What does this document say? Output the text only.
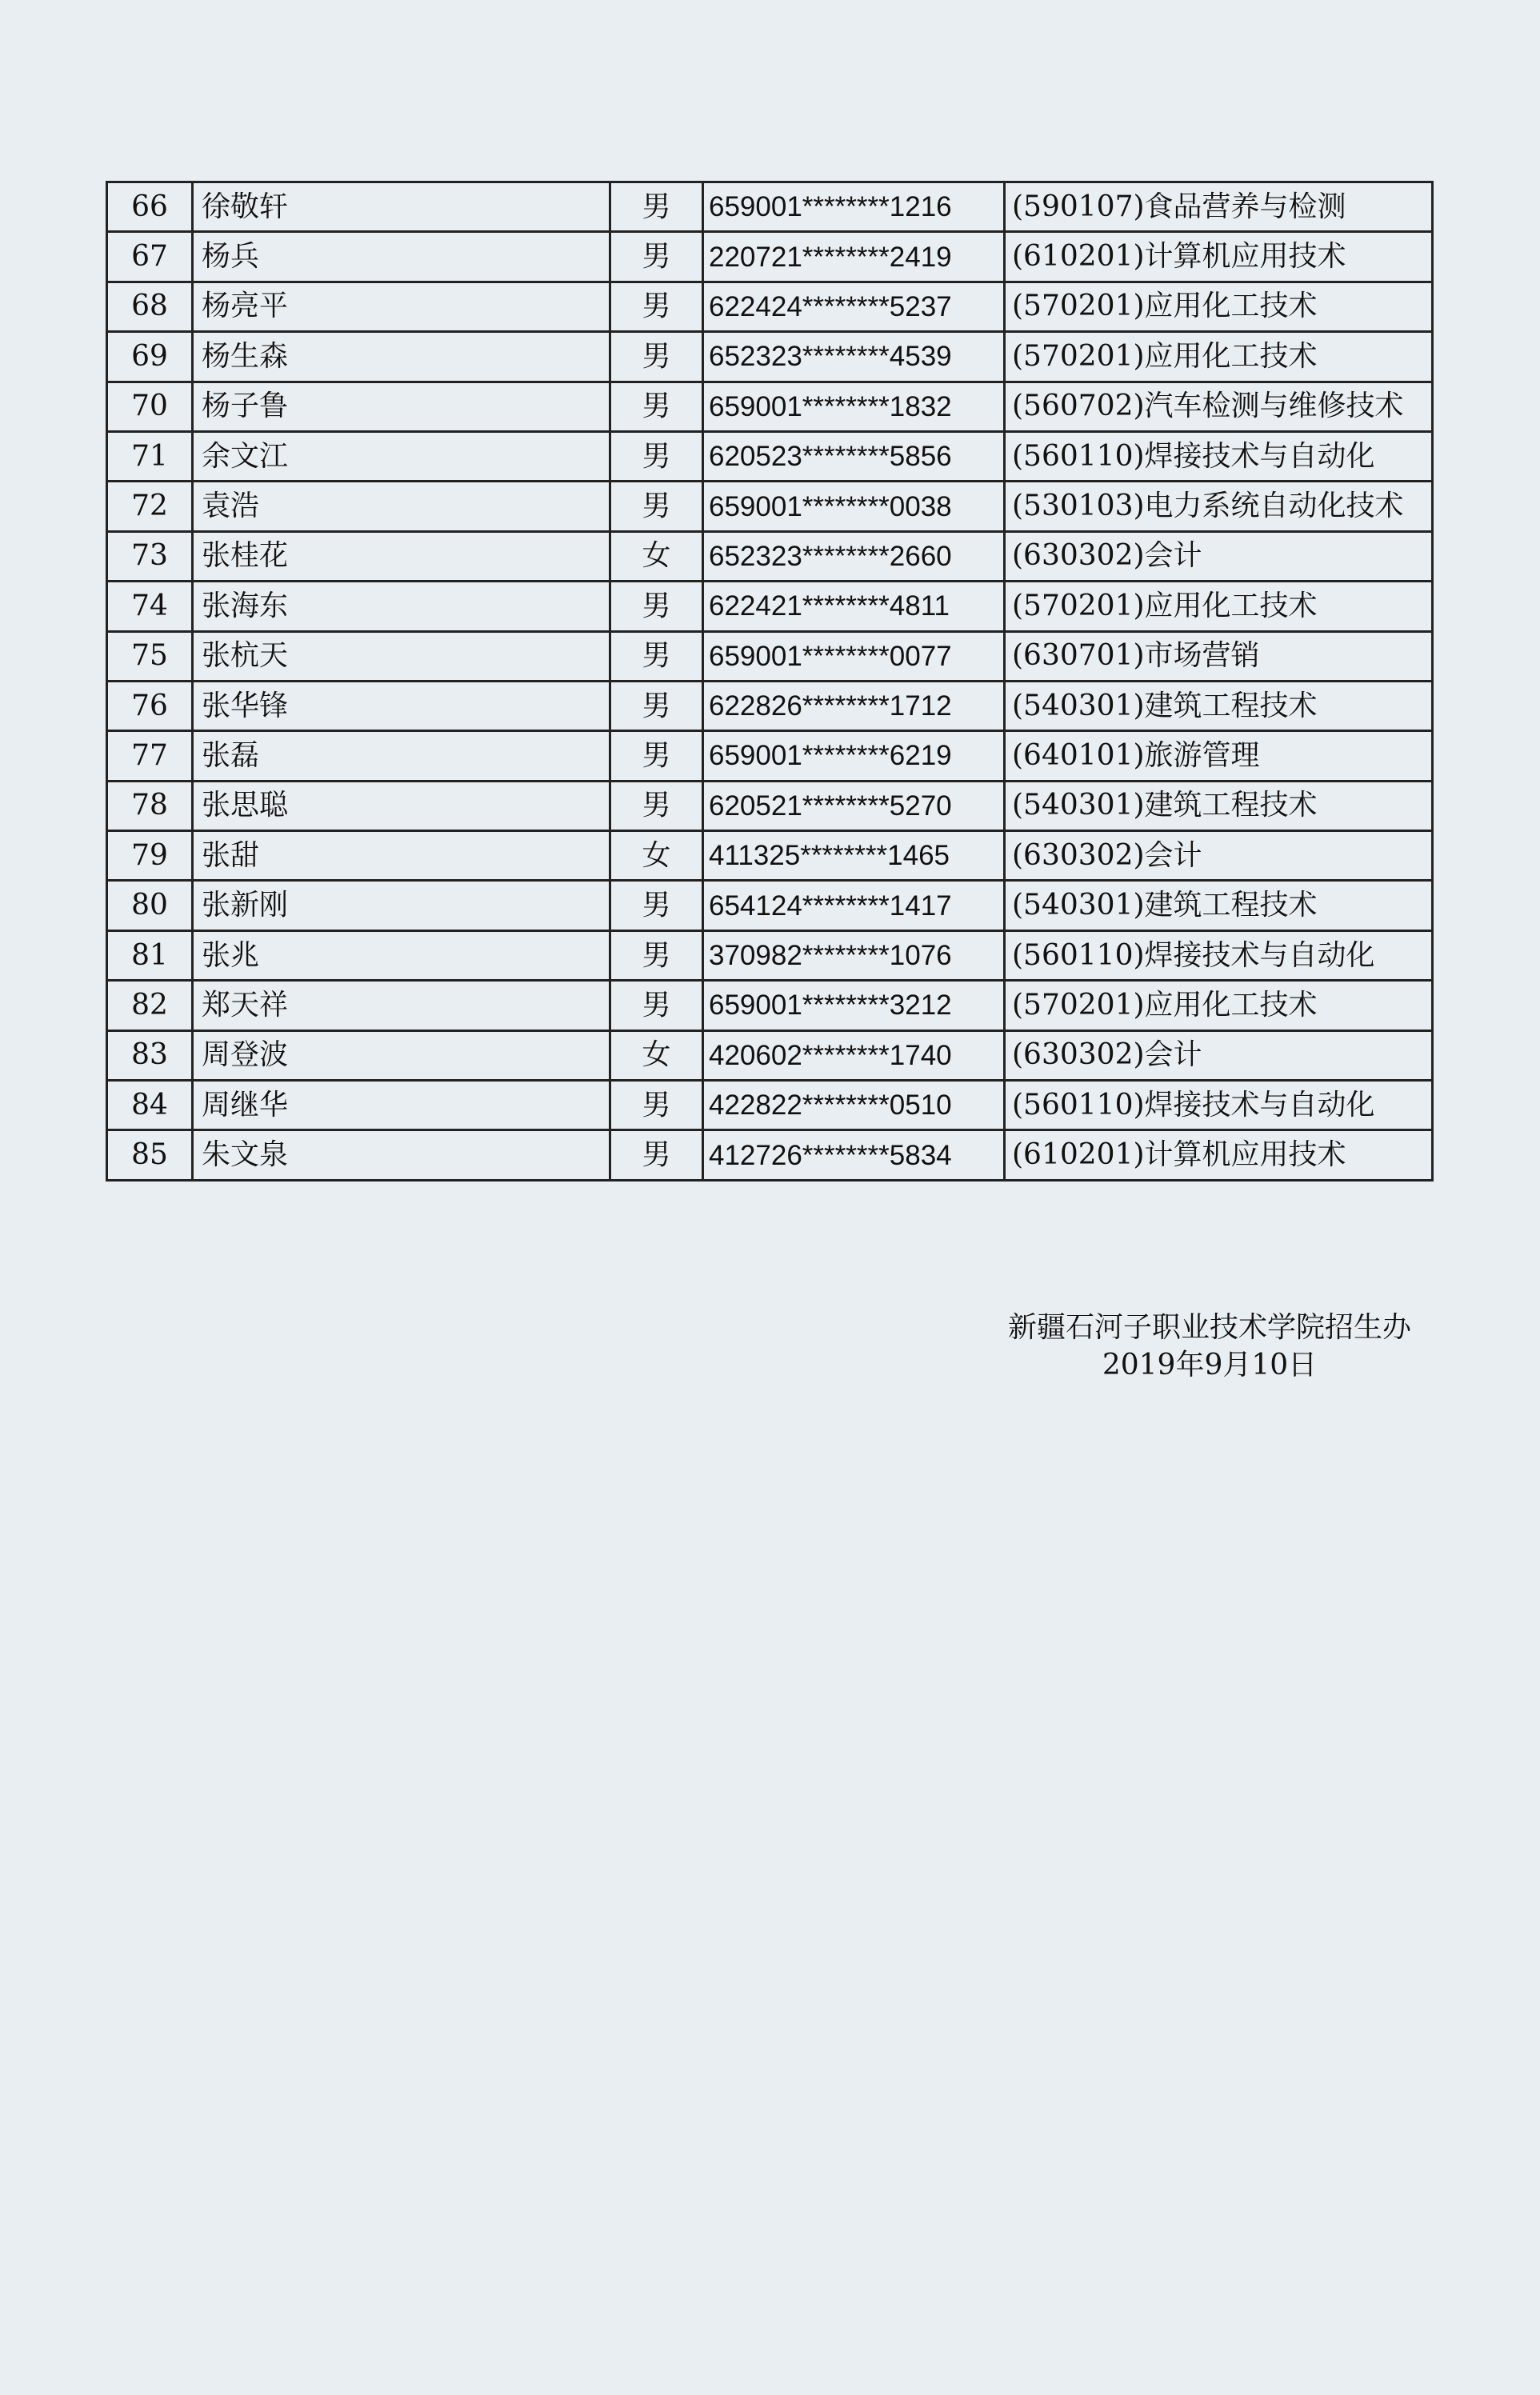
66	徐敬轩	男	659001********1216	(590107)食品营养与检测
67	杨兵	男	220721********2419	(610201)计算机应用技术
68	杨亮平	男	622424********5237	(570201)应用化工技术
69	杨生森	男	652323********4539	(570201)应用化工技术
70	杨子鲁	男	659001********1832	(560702)汽车检测与维修技术
71	余文江	男	620523********5856	(560110)焊接技术与自动化
72	袁浩	男	659001********0038	(530103)电力系统自动化技术
73	张桂花	女	652323********2660	(630302)会计
74	张海东	男	622421********4811	(570201)应用化工技术
75	张杭天	男	659001********0077	(630701)市场营销
76	张华锋	男	622826********1712	(540301)建筑工程技术
77	张磊	男	659001********6219	(640101)旅游管理
78	张思聪	男	620521********5270	(540301)建筑工程技术
79	张甜	女	411325********1465	(630302)会计
80	张新刚	男	654124********1417	(540301)建筑工程技术
81	张兆	男	370982********1076	(560110)焊接技术与自动化
82	郑天祥	男	659001********3212	(570201)应用化工技术
83	周登波	女	420602********1740	(630302)会计
84	周继华	男	422822********0510	(560110)焊接技术与自动化
85	朱文泉	男	412726********5834	(610201)计算机应用技术
新疆石河子职业技术学院招生办
2019年9月10日
